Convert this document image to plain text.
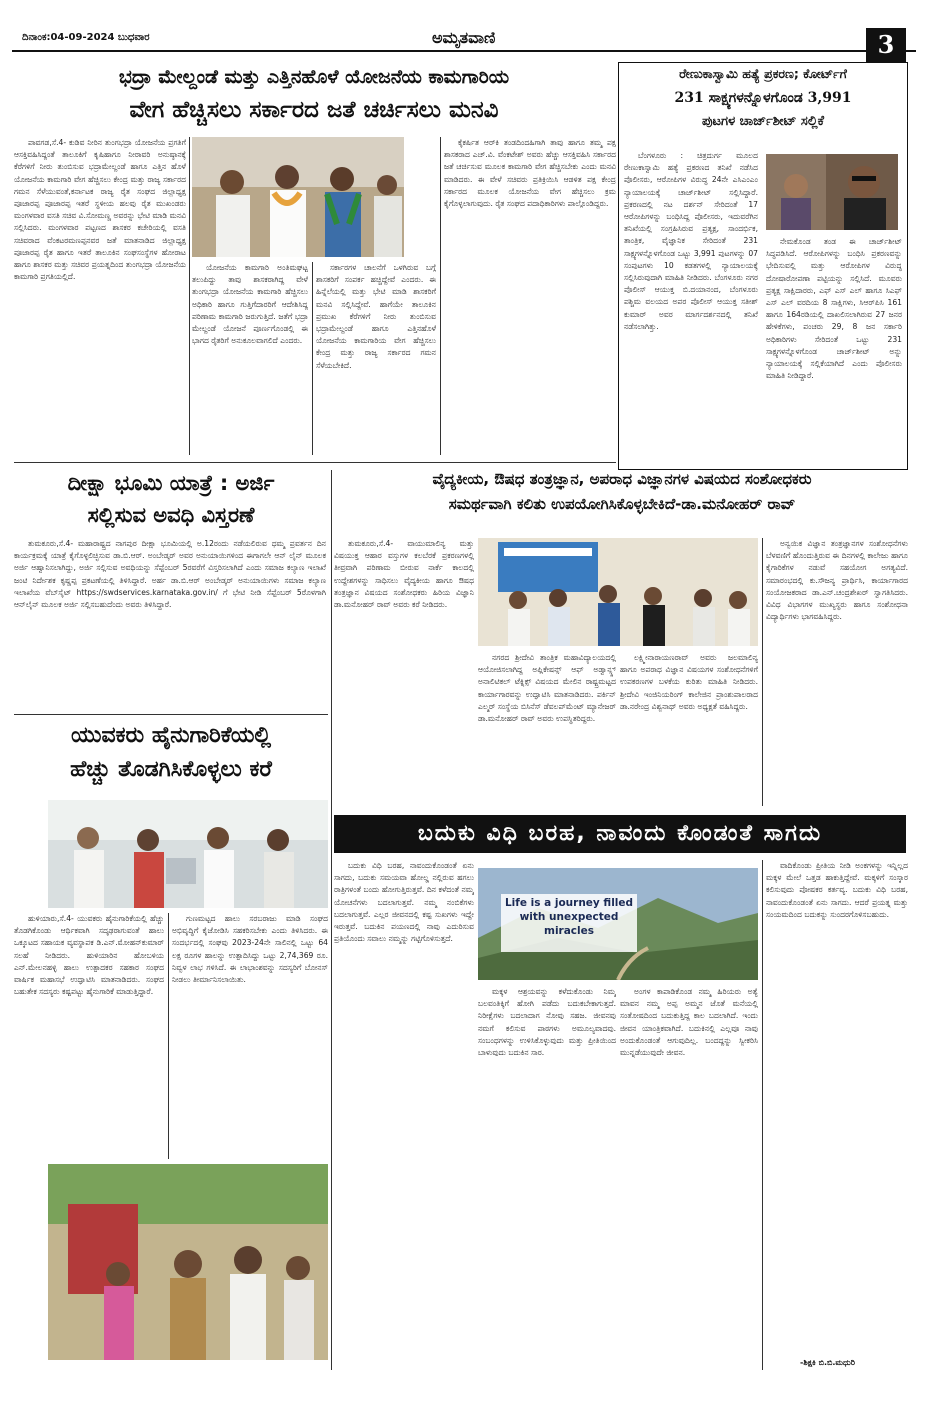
ದಿನಾಂಕ:04-09-2024 ಬುಧವಾರ	ಅಮೃತವಾಣಿ	3
ಭದ್ರಾ ಮೇಲ್ದಂಡೆ ಮತ್ತು ಎತ್ತಿನಹೊಳೆ ಯೋಜನೆಯ ಕಾಮಗಾರಿಯ
ವೇಗ ಹೆಚ್ಚಿಸಲು ಸರ್ಕಾರದ ಜತೆ ಚರ್ಚಿಸಲು ಮನವಿ

ಪಾವಗಡ,ಸೆ.4- ಕುಡಿವ ನೀರಿನ ತುಂಗಭದ್ರಾ ಯೋಜನೆಯ ಪ್ರಗತಿಗೆ ಆಸಕ್ತಿವಹಿಸಿದ್ದಂತೆ ತಾಲೂಕಿಗೆ ಕೃಷಿಹಾಗೂ ನೀರಾವರಿ ಅನುಷ್ಠಾನಕ್ಕೆ ಕೆರೆಗಳಿಗೆ ನೀರು ತುಂಬಿಸುವ ಭದ್ರಾಮೇಲ್ದಂಡೆ ಹಾಗೂ ಎತ್ತಿನ ಹೊಳೆ ಯೋಜನೆಯ ಕಾಮಗಾರಿ ವೇಗ ಹೆಚ್ಚಿಸಲು ಕೇಂದ್ರ ಮತ್ತು ರಾಜ್ಯ ಸರ್ಕಾರದ ಗಮನ ಸೆಳೆಯುವಂತೆ,ಕರ್ನಾಟಕ ರಾಜ್ಯ ರೈತ ಸಂಘದ ಜಿಲ್ಲಾಧ್ಯಕ್ಷ ಪೂಜಾರಪ್ಪ ಪೂಜಾರಪ್ಪ ಇತರೆ ಸ್ಥಳೀಯ ಹಲವು ರೈತ ಮುಖಂಡರು ಮಂಗಳವಾರ ವಸತಿ ಸಚಿವ ವಿ.ಸೋಮಣ್ಣ ಅವರನ್ನು ಭೇಟಿ ಮಾಡಿ ಮನವಿ ಸಲ್ಲಿಸಿದರು. ಮಂಗಳವಾರ ಪಟ್ಟಣದ ಶಾಸಕರ ಕಚೇರಿಯಲ್ಲಿ ವಸತಿ ಸಚಿವರಾದ ವೆಂಕಟರಮಣಪ್ಪನವರ ಜತೆ ಮಾತನಾಡಿದ ಜಿಲ್ಲಾಧ್ಯಕ್ಷ ಪೂಜಾರಪ್ಪ ರೈತ ಹಾಗೂ ಇತರೆ ತಾಲೂಕಿನ ಸಂಘಸಂಸ್ಥೆಗಳ ಹೋರಾಟ ಹಾಗೂ ಶಾಸಕರ ಮತ್ತು ಸಚಿವರ ಪ್ರಯತ್ನದಿಂದ ತುಂಗಭದ್ರಾ ಯೋಜನೆಯ ಕಾಮಗಾರಿ ಪ್ರಗತಿಯಲ್ಲಿದೆ.

ಯೋಜನೆಯ ಕಾಮಗಾರಿ ಅಂತಿಮಘಟ್ಟ ತಲುಪಿದ್ದು ತಾವು ಶಾಸಕರಾಗಿದ್ದ ವೇಳೆ ತುಂಗಭದ್ರಾ ಯೋಜನೆಯ ಕಾಮಗಾರಿ ಹೆಚ್ಚಿಸಲು ಅಧಿಕಾರಿ ಹಾಗೂ ಗುತ್ತಿಗೆದಾರರಿಗೆ ಆದೇಶಿಸಿದ್ದ ಪರಿಣಾಮ ಕಾಮಗಾರಿ ಜರುಗುತ್ತಿದೆ. ಜತೆಗೆ ಭದ್ರಾ ಮೇಲ್ದಂಡೆ ಯೋಜನೆ ಪೂರ್ಣಗೊಂಡಲ್ಲಿ ಈ ಭಾಗದ ರೈತರಿಗೆ ಅನುಕೂಲವಾಗಲಿದೆ ಎಂದರು.

ಸರ್ಕಾರಗಳ ಚಾಲನೆಗೆ ಒಳಗಿರುವ ಬಗ್ಗೆ ಶಾಸಕರಿಗೆ ಸಂಪರ್ಕ ಹಚ್ಚಿದ್ದೇವೆ ಎಂದರು. ಈ ಹಿನ್ನೆಲೆಯಲ್ಲಿ ಮತ್ತು ಭೇಟಿ ಮಾಡಿ ಶಾಸಕರಿಗೆ ಮನವಿ ಸಲ್ಲಿಸಿದ್ದೇವೆ. ಹಾಗೆಯೇ ತಾಲೂಕಿನ ಪ್ರಮುಖ ಕೆರೆಗಳಿಗೆ ನೀರು ತುಂಬಿಸುವ ಭದ್ರಾಮೇಲ್ದಂಡೆ ಹಾಗೂ ಎತ್ತಿನಹೊಳೆ ಯೋಜನೆಯ ಕಾಮಗಾರಿಯ ವೇಗ ಹೆಚ್ಚಿಸಲು ಕೇಂದ್ರ ಮತ್ತು ರಾಜ್ಯ ಸರ್ಕಾರದ ಗಮನ ಸೆಳೆಯಬೇಕಿದೆ.

ಕೈಕರ್ಷಿತ ಆರ್‌ಕಿ ತಂಡದಿಂದಹಿಗಾಗಿ ತಾವು ಹಾಗೂ ತಮ್ಮ ಪಕ್ಷ ಶಾಸಕರಾದ ಎಚ್.ವಿ. ವೆಂಕಟೇಶ್ ಅವರು ಹೆಚ್ಚು ಆಸಕ್ತಿವಹಿಸಿ ಸರ್ಕಾರದ ಜತೆ ಚರ್ಚಿಸುವ ಮೂಲಕ ಕಾಮಗಾರಿ ವೇಗ ಹೆಚ್ಚಿಸಬೇಕು ಎಂದು ಮನವಿ ಮಾಡಿದರು. ಈ ವೇಳೆ ಸಚಿವರು ಪ್ರತಿಕ್ರಿಯಿಸಿ ಆಡಳಿತ ಪಕ್ಷ ಕೇಂದ್ರ ಸರ್ಕಾರದ ಮೂಲಕ ಯೋಜನೆಯ ವೇಗ ಹೆಚ್ಚಿಸಲು ಕ್ರಮ ಕೈಗೊಳ್ಳಲಾಗುವುದು. ರೈತ ಸಂಘದ ಪದಾಧಿಕಾರಿಗಳು ಪಾಲ್ಗೊಂಡಿದ್ದರು.

ರೇಣುಕಾಸ್ವಾಮಿ ಹತ್ಯೆ ಪ್ರಕರಣ; ಕೋರ್ಟ್‌ಗೆ
231 ಸಾಕ್ಷ್ಯಗಳನ್ನೊಳಗೊಂಡ 3,991
ಪುಟಗಳ ಚಾರ್ಜ್‌ಶೀಟ್ ಸಲ್ಲಿಕೆ

ಬೆಂಗಳೂರು : ಚಿತ್ರದುರ್ಗ ಮೂಲದ ರೇಣುಕಾಸ್ವಾಮಿ ಹತ್ಯೆ ಪ್ರಕರಣದ ತನಿಖೆ ನಡೆಸಿದ ಪೊಲೀಸರು, ಆರೋಪಿಗಳ ವಿರುದ್ಧ 24ನೇ ಎಸಿಎಂಎಂ ನ್ಯಾಯಾಲಯಕ್ಕೆ ಚಾರ್ಜ್‌ಶೀಟ್ ಸಲ್ಲಿಸಿದ್ದಾರೆ. ಪ್ರಕರಣದಲ್ಲಿ ನಟ ದರ್ಶನ್ ಸೇರಿದಂತೆ 17 ಆರೋಪಿಗಳನ್ನು ಬಂಧಿಸಿದ್ದ ಪೊಲೀಸರು, ಇದುವರೆಗಿನ ತನಿಖೆಯಲ್ಲಿ ಸಂಗ್ರಹಿಸಿರುವ ಪ್ರತ್ಯಕ್ಷ, ಸಾಂದರ್ಭಿಕ, ತಾಂತ್ರಿಕ, ವೈಜ್ಞಾನಿಕ ಸೇರಿದಂತೆ 231 ಸಾಕ್ಷ್ಯಗಳನ್ನೊಳಗೊಂಡ ಒಟ್ಟು 3,991 ಪುಟಗಳನ್ನು 07 ಸಂಪುಟಗಳು 10 ಕಡತಗಳಲ್ಲಿ ನ್ಯಾಯಾಲಯಕ್ಕೆ ಸಲ್ಲಿಸಿರುವುದಾಗಿ ಮಾಹಿತಿ ನೀಡಿದರು. ಬೆಂಗಳೂರು ನಗರ ಪೊಲೀಸ್ ಆಯುಕ್ತ ಬಿ.ದಯಾನಂದ, ಬೆಂಗಳೂರು ಪಶ್ಚಿಮ ವಲಯದ ಅಪರ ಪೊಲೀಸ್ ಆಯುಕ್ತ ಸತೀಶ್ ಕುಮಾರ್ ಅವರ ಮಾರ್ಗದರ್ಶನದಲ್ಲಿ ತನಿಖೆ ನಡೆಸಲಾಗಿತ್ತು.

ನೇಮಕೊಂಡ ತಂಡ ಈ ಚಾರ್ಜ್‌ಶೀಟ್ ಸಿದ್ಧಪಡಿಸಿದೆ. ಆರೋಪಿಗಳನ್ನು ಬಂಧಿಸಿ ಪ್ರಕರಣವನ್ನು ಭೇದಿಸುವಲ್ಲಿ ಮತ್ತು ಆರೋಪಿಗಳ ವಿರುದ್ಧ ದೋಷಾರೋಪಣಾ ಪಟ್ಟಿಯನ್ನು ಸಲ್ಲಿಸಿದೆ. ಮೂವರು ಪ್ರತ್ಯಕ್ಷ ಸಾಕ್ಷಿದಾರರು, ಎಫ್ ಎಸ್ ಎಲ್ ಹಾಗೂ ಸಿಎಫ್ ಎಸ್ ಎಲ್ ವರದಿಯ 8 ಸಾಕ್ಷಿಗಳು, ಸಿಆರ್‌ಪಿಸಿ 161 ಹಾಗೂ 164ರಡಿಯಲ್ಲಿ ದಾಖಲಿಸಲಾಗಿರುವ 27 ಜನರ ಹೇಳಿಕೆಗಳು, ಪಂಚರು 29, 8 ಜನ ಸರ್ಕಾರಿ ಅಧಿಕಾರಿಗಳು ಸೇರಿದಂತೆ ಒಟ್ಟು 231 ಸಾಕ್ಷ್ಯಗಳನ್ನೊಳಗೊಂಡ ಚಾರ್ಜ್‌ಶೀಟ್ ಅನ್ನು ನ್ಯಾಯಾಲಯಕ್ಕೆ ಸಲ್ಲಿಕೆಯಾಗಿದೆ ಎಂದು ಪೊಲೀಸರು ಮಾಹಿತಿ ನೀಡಿದ್ದಾರೆ.

ದೀಕ್ಷಾ ಭೂಮಿ ಯಾತ್ರೆ : ಅರ್ಜಿ
ಸಲ್ಲಿಸುವ ಅವಧಿ ವಿಸ್ತರಣೆ

ತುಮಕೂರು,ಸೆ.4- ಮಹಾರಾಷ್ಟ್ರದ ನಾಗಪುರ ದೀಕ್ಷಾ ಭೂಮಿಯಲ್ಲಿ ಅ.12ರಂದು ನಡೆಯಲಿರುವ ಧಮ್ಮ ಪ್ರವರ್ತನ ದಿನ ಕಾರ್ಯಕ್ರಮಕ್ಕೆ ಯಾತ್ರೆ ಕೈಗೊಳ್ಳಲಿಚ್ಛಿಸುವ ಡಾ.ಬಿ.ಆರ್. ಅಂಬೇಡ್ಕರ್ ಅವರ ಅನುಯಾಯಿಗಳಿಂದ ಈಗಾಗಲೇ ಆನ್ ಲೈನ್ ಮೂಲಕ ಅರ್ಜಿ ಆಹ್ವಾನಿಸಲಾಗಿದ್ದು, ಅರ್ಜಿ ಸಲ್ಲಿಸುವ ಅವಧಿಯನ್ನು ಸೆಪ್ಟೆಂಬರ್ 5ರವರೆಗೆ ವಿಸ್ತರಿಸಲಾಗಿದೆ ಎಂದು ಸಮಾಜ ಕಲ್ಯಾಣ ಇಲಾಖೆ ಜಂಟಿ ನಿರ್ದೇಶಕ ಕೃಷ್ಣಪ್ಪ ಪ್ರಕಟಣೆಯಲ್ಲಿ ತಿಳಿಸಿದ್ದಾರೆ. ಅರ್ಹ ಡಾ.ಬಿ.ಆರ್ ಅಂಬೇಡ್ಕರ್ ಅನುಯಾಯಿಗಳು ಸಮಾಜ ಕಲ್ಯಾಣ ಇಲಾಖೆಯ ವೆಬ್‌ಸೈಟ್ https://swdservices.karnataka.gov.in/ ಗೆ ಭೇಟಿ ನೀಡಿ ಸೆಪ್ಟೆಂಬರ್ 5ರೊಳಗಾಗಿ ಆನ್‌ಲೈನ್ ಮೂಲಕ ಅರ್ಜಿ ಸಲ್ಲಿಸಬಹುದೆಂದು ಅವರು ತಿಳಿಸಿದ್ದಾರೆ.

ಯುವಕರು ಹೈನುಗಾರಿಕೆಯಲ್ಲಿ
ಹೆಚ್ಚು ತೊಡಗಿಸಿಕೊಳ್ಳಲು ಕರೆ

ಹುಳಿಯಾರು,ಸೆ.4- ಯುವಕರು ಹೈನುಗಾರಿಕೆಯಲ್ಲಿ ಹೆಚ್ಚು ತೊಡಗಿಕೊಂಡು ಆರ್ಥಿಕವಾಗಿ ಸದೃಢರಾಗುವಂತೆ ಹಾಲು ಒಕ್ಕೂಟದ ಸಹಾಯಕ ವ್ಯವಸ್ಥಾಪಕ ಡಿ.ಎನ್.ಮೋಹನ್‌ಕುಮಾರ್ ಸಲಹೆ ನೀಡಿದರು. ಹುಳಿಯಾರಿನ ಹೋಬಳಿಯ ಎನ್.ಮೇಲನಹಳ್ಳಿ ಹಾಲು ಉತ್ಪಾದಕರ ಸಹಕಾರ ಸಂಘದ ವಾರ್ಷಿಕ ಮಹಾಸಭೆ ಉದ್ಘಾಟಿಸಿ ಮಾತನಾಡಿದರು. ಸಂಘದ ಬಹುತೇಕ ಸದಸ್ಯರು ಕಷ್ಟಪಟ್ಟು ಹೈನುಗಾರಿಕೆ ಮಾಡುತ್ತಿದ್ದಾರೆ.

ಗುಣಮಟ್ಟದ ಹಾಲು ಸರಬರಾಜು ಮಾಡಿ ಸಂಘದ ಅಭಿವೃದ್ಧಿಗೆ ಕೈಜೋಡಿಸಿ ಸಹಕರಿಸಬೇಕು ಎಂದು ತಿಳಿಸಿದರು. ಈ ಸಂದರ್ಭದಲ್ಲಿ ಸಂಘವು 2023-24ನೇ ಸಾಲಿನಲ್ಲಿ ಒಟ್ಟು 64 ಲಕ್ಷ ರೂಗಳ ಹಾಲನ್ನು ಉತ್ಪಾದಿಸಿದ್ದು ಒಟ್ಟು 2,74,369 ರೂ. ನಿವ್ವಳ ಲಾಭ ಗಳಿಸಿದೆ. ಈ ಲಾಭಾಂಶವನ್ನು ಸದಸ್ಯರಿಗೆ ಬೋನಸ್ ನೀಡಲು ತೀರ್ಮಾನಿಸಲಾಯಿತು.

ವೈದ್ಯಕೀಯ, ಔಷಧ ತಂತ್ರಜ್ಞಾನ, ಅಪರಾಧ ವಿಜ್ಞಾನಗಳ ವಿಷಯದ ಸಂಶೋಧಕರು
ಸಮರ್ಥವಾಗಿ ಕಲಿತು ಉಪಯೋಗಿಸಿಕೊಳ್ಳಬೇಕಿದೆ-ಡಾ.ಮನೋಹರ್ ರಾವ್

ತುಮಕೂರು,ಸೆ.4- ವಾಯುಮಾಲಿನ್ಯ ಮತ್ತು ವಿಷಯುಕ್ತ ಆಹಾರ ವಸ್ತುಗಳ ಕಲಬೆರಕೆ ಪ್ರಕರಣಗಳಲ್ಲಿ ತೀವ್ರವಾಗಿ ಪರಿಣಾಮ ಬೀರುವ ನಾರ್ಕೆ ಕಾಲದಲ್ಲಿ ಉದ್ದೇಶಗಳನ್ನು ಸಾಧಿಸಲು ವೈದ್ಯಕೀಯ ಹಾಗೂ ಔಷಧ ತಂತ್ರಜ್ಞಾನ ವಿಷಯದ ಸಂಶೋಧಕರು ಹಿರಿಯ ವಿಜ್ಞಾನಿ ಡಾ.ಮನೋಹರ್ ರಾವ್ ಅವರು ಕರೆ ನೀಡಿದರು.

ನಗರದ ಶ್ರೀದೇವಿ ತಾಂತ್ರಿಕ ಮಹಾವಿದ್ಯಾಲಯದಲ್ಲಿ ಆಯೋಜಿಸಲಾಗಿದ್ದ ಅಪ್ಲಿಕೇಷನ್ಸ್ ಆಫ್ ಅಡ್ವಾನ್ಸ್ಡ್ ಅನಾಲಿಟಿಕಲ್ ಟೆಕ್ನಿಕ್ಸ್ ವಿಷಯದ ಮೇಲಿನ ರಾಷ್ಟ್ರಮಟ್ಟದ ಕಾರ್ಯಾಗಾರವನ್ನು ಉದ್ಘಾಟಿಸಿ ಮಾತನಾಡಿದರು. ಪರ್ಕಿನ್ ಎಲ್ಮರ್ ಸಂಸ್ಥೆಯ ಬಿಸಿನೆಸ್ ಡೆವಲಪ್‌ಮೆಂಟ್ ಮ್ಯಾನೇಜರ್ ಡಾ.ಮನೋಹರ್ ರಾವ್ ಅವರು ಉಪಸ್ಥಿತರಿದ್ದರು.

ಲಕ್ಷ್ಮೀನಾರಾಯಣರಾವ್ ಅವರು ಜಲಮಾಲಿನ್ಯ ಹಾಗೂ ಅಪರಾಧ ವಿಜ್ಞಾನ ವಿಷಯಗಳ ಸಂಶೋಧನೆಗಳಿಗೆ ಉಪಕರಣಗಳ ಬಳಕೆಯ ಕುರಿತು ಮಾಹಿತಿ ನೀಡಿದರು. ಶ್ರೀದೇವಿ ಇಂಜಿನಿಯರಿಂಗ್ ಕಾಲೇಜಿನ ಪ್ರಾಂಶುಪಾಲರಾದ ಡಾ.ನರೇಂದ್ರ ವಿಶ್ವನಾಥ್ ಅವರು ಅಧ್ಯಕ್ಷತೆ ವಹಿಸಿದ್ದರು.

ಅನ್ವಯಿಕ ವಿಜ್ಞಾನ ತಂತ್ರಜ್ಞಾನಗಳ ಸಂಶೋಧನೆಗಳು ಬೆಳವಣಿಗೆ ಹೊಂದುತ್ತಿರುವ ಈ ದಿನಗಳಲ್ಲಿ ಕಾಲೇಜು ಹಾಗೂ ಕೈಗಾರಿಕೆಗಳ ನಡುವೆ ಸಹಯೋಗ ಅಗತ್ಯವಿದೆ. ಸಮಾರಂಭದಲ್ಲಿ ಕು.ಸೌಜನ್ಯ ಪ್ರಾರ್ಥಿಸಿ, ಕಾರ್ಯಾಗಾರದ ಸಂಯೋಜಕರಾದ ಡಾ.ಎನ್.ಚಂದ್ರಶೇಖರ್ ಸ್ವಾಗತಿಸಿದರು. ವಿವಿಧ ವಿಭಾಗಗಳ ಮುಖ್ಯಸ್ಥರು ಹಾಗೂ ಸಂಶೋಧನಾ ವಿದ್ಯಾರ್ಥಿಗಳು ಭಾಗವಹಿಸಿದ್ದರು.

ಬದುಕು ವಿಧಿ ಬರಹ, ನಾವಂದು ಕೊಂಡಂತೆ ಸಾಗದು

ಬದುಕು ವಿಧಿ ಬರಹ, ನಾವಂದುಕೊಂಡಂತೆ ಏನು ಸಾಗದು, ಬದುಕು ಸಮಯವಾ ಹೋಲ್ಡ ನಲ್ಲಿರುವ ಹಗಲು ರಾತ್ರಿಗಳಂತೆ ಬಂದು ಹೋಗುತ್ತಿರುತ್ತವೆ. ದಿನ ಕಳೆದಂತೆ ನಮ್ಮ ಯೋಚನೆಗಳು ಬದಲಾಗುತ್ತವೆ. ನಮ್ಮ ನಂಬಿಕೆಗಳು ಬದಲಾಗುತ್ತವೆ. ಎಲ್ಲರ ಜೀವನದಲ್ಲಿ ಕಷ್ಟ ಸುಖಗಳು ಇದ್ದೇ ಇರುತ್ತವೆ. ಬದುಕಿನ ಪಯಣದಲ್ಲಿ ನಾವು ಎದುರಿಸುವ ಪ್ರತಿಯೊಂದು ಸವಾಲು ನಮ್ಮನ್ನು ಗಟ್ಟಿಗೊಳಿಸುತ್ತದೆ.

Life is a journey filled with unexpected miracles

ಮಕ್ಕಳ ಆಶ್ರಯವನ್ನು ಕಳೆದುಕೊಂಡು ನಿಮ್ಮ ಬಲವಂತಿಕ್ಕಿಗೆ ಹೋಗಿ ಪಡೆದು ಬದುಕಬೇಕಾಗುತ್ತದೆ. ನಿರೀಕ್ಷೆಗಳು ಬದಲಾದಾಗ ನೋವು ಸಹಜ. ಜೀವನವು ನಮಗೆ ಕಲಿಸುವ ಪಾಠಗಳು ಅಮೂಲ್ಯವಾದವು. ಸಂಬಂಧಗಳನ್ನು ಉಳಿಸಿಕೊಳ್ಳುವುದು ಮತ್ತು ಪ್ರೀತಿಯಿಂದ ಬಾಳುವುದು ಬದುಕಿನ ಸಾರ.

ಅಂಗಳ ಕಾಪಾಡಿಕೊಂಡ ನಮ್ಮ ಹಿರಿಯರು ಅತ್ಯೆ ಮಾವನ ನಮ್ಮ ಅಪ್ಪ ಅಮ್ಮನ ಜೊತೆ ಮನೆಯಲ್ಲಿ ಸಂತೋಷದಿಂದ ಬದುಕುತ್ತಿದ್ದ ಕಾಲ ಬದಲಾಗಿದೆ. ಇಂದು ಜೀವನ ಯಾಂತ್ರಿಕವಾಗಿದೆ. ಬದುಕಿನಲ್ಲಿ ಎಲ್ಲವೂ ನಾವು ಅಂದುಕೊಂಡಂತೆ ಆಗುವುದಿಲ್ಲ. ಬಂದದ್ದನ್ನು ಸ್ವೀಕರಿಸಿ ಮುನ್ನಡೆಯುವುದೇ ಜೀವನ.

ವಾದಿಕೊಂಡು ಪ್ರೀತಿಯ ನೀಡಿ ಅಂಕಗಳನ್ನು ಇನ್ನಿಲ್ಲದ ಮಕ್ಕಳ ಮೇಲೆ ಒತ್ತಡ ಹಾಕುತ್ತಿದ್ದೇವೆ. ಮಕ್ಕಳಿಗೆ ಸಂಸ್ಕಾರ ಕಲಿಸುವುದು ಪೋಷಕರ ಕರ್ತವ್ಯ. ಬದುಕು ವಿಧಿ ಬರಹ, ನಾವಂದುಕೊಂಡಂತೆ ಏನು ಸಾಗದು. ಆದರೆ ಪ್ರಯತ್ನ ಮತ್ತು ಸಂಯಮದಿಂದ ಬದುಕನ್ನು ಸುಂದರಗೊಳಿಸಬಹುದು.

-ಶಿಕ್ಷಕಿ ಬಿ.ಬಿ.ಮಧುರಿ
